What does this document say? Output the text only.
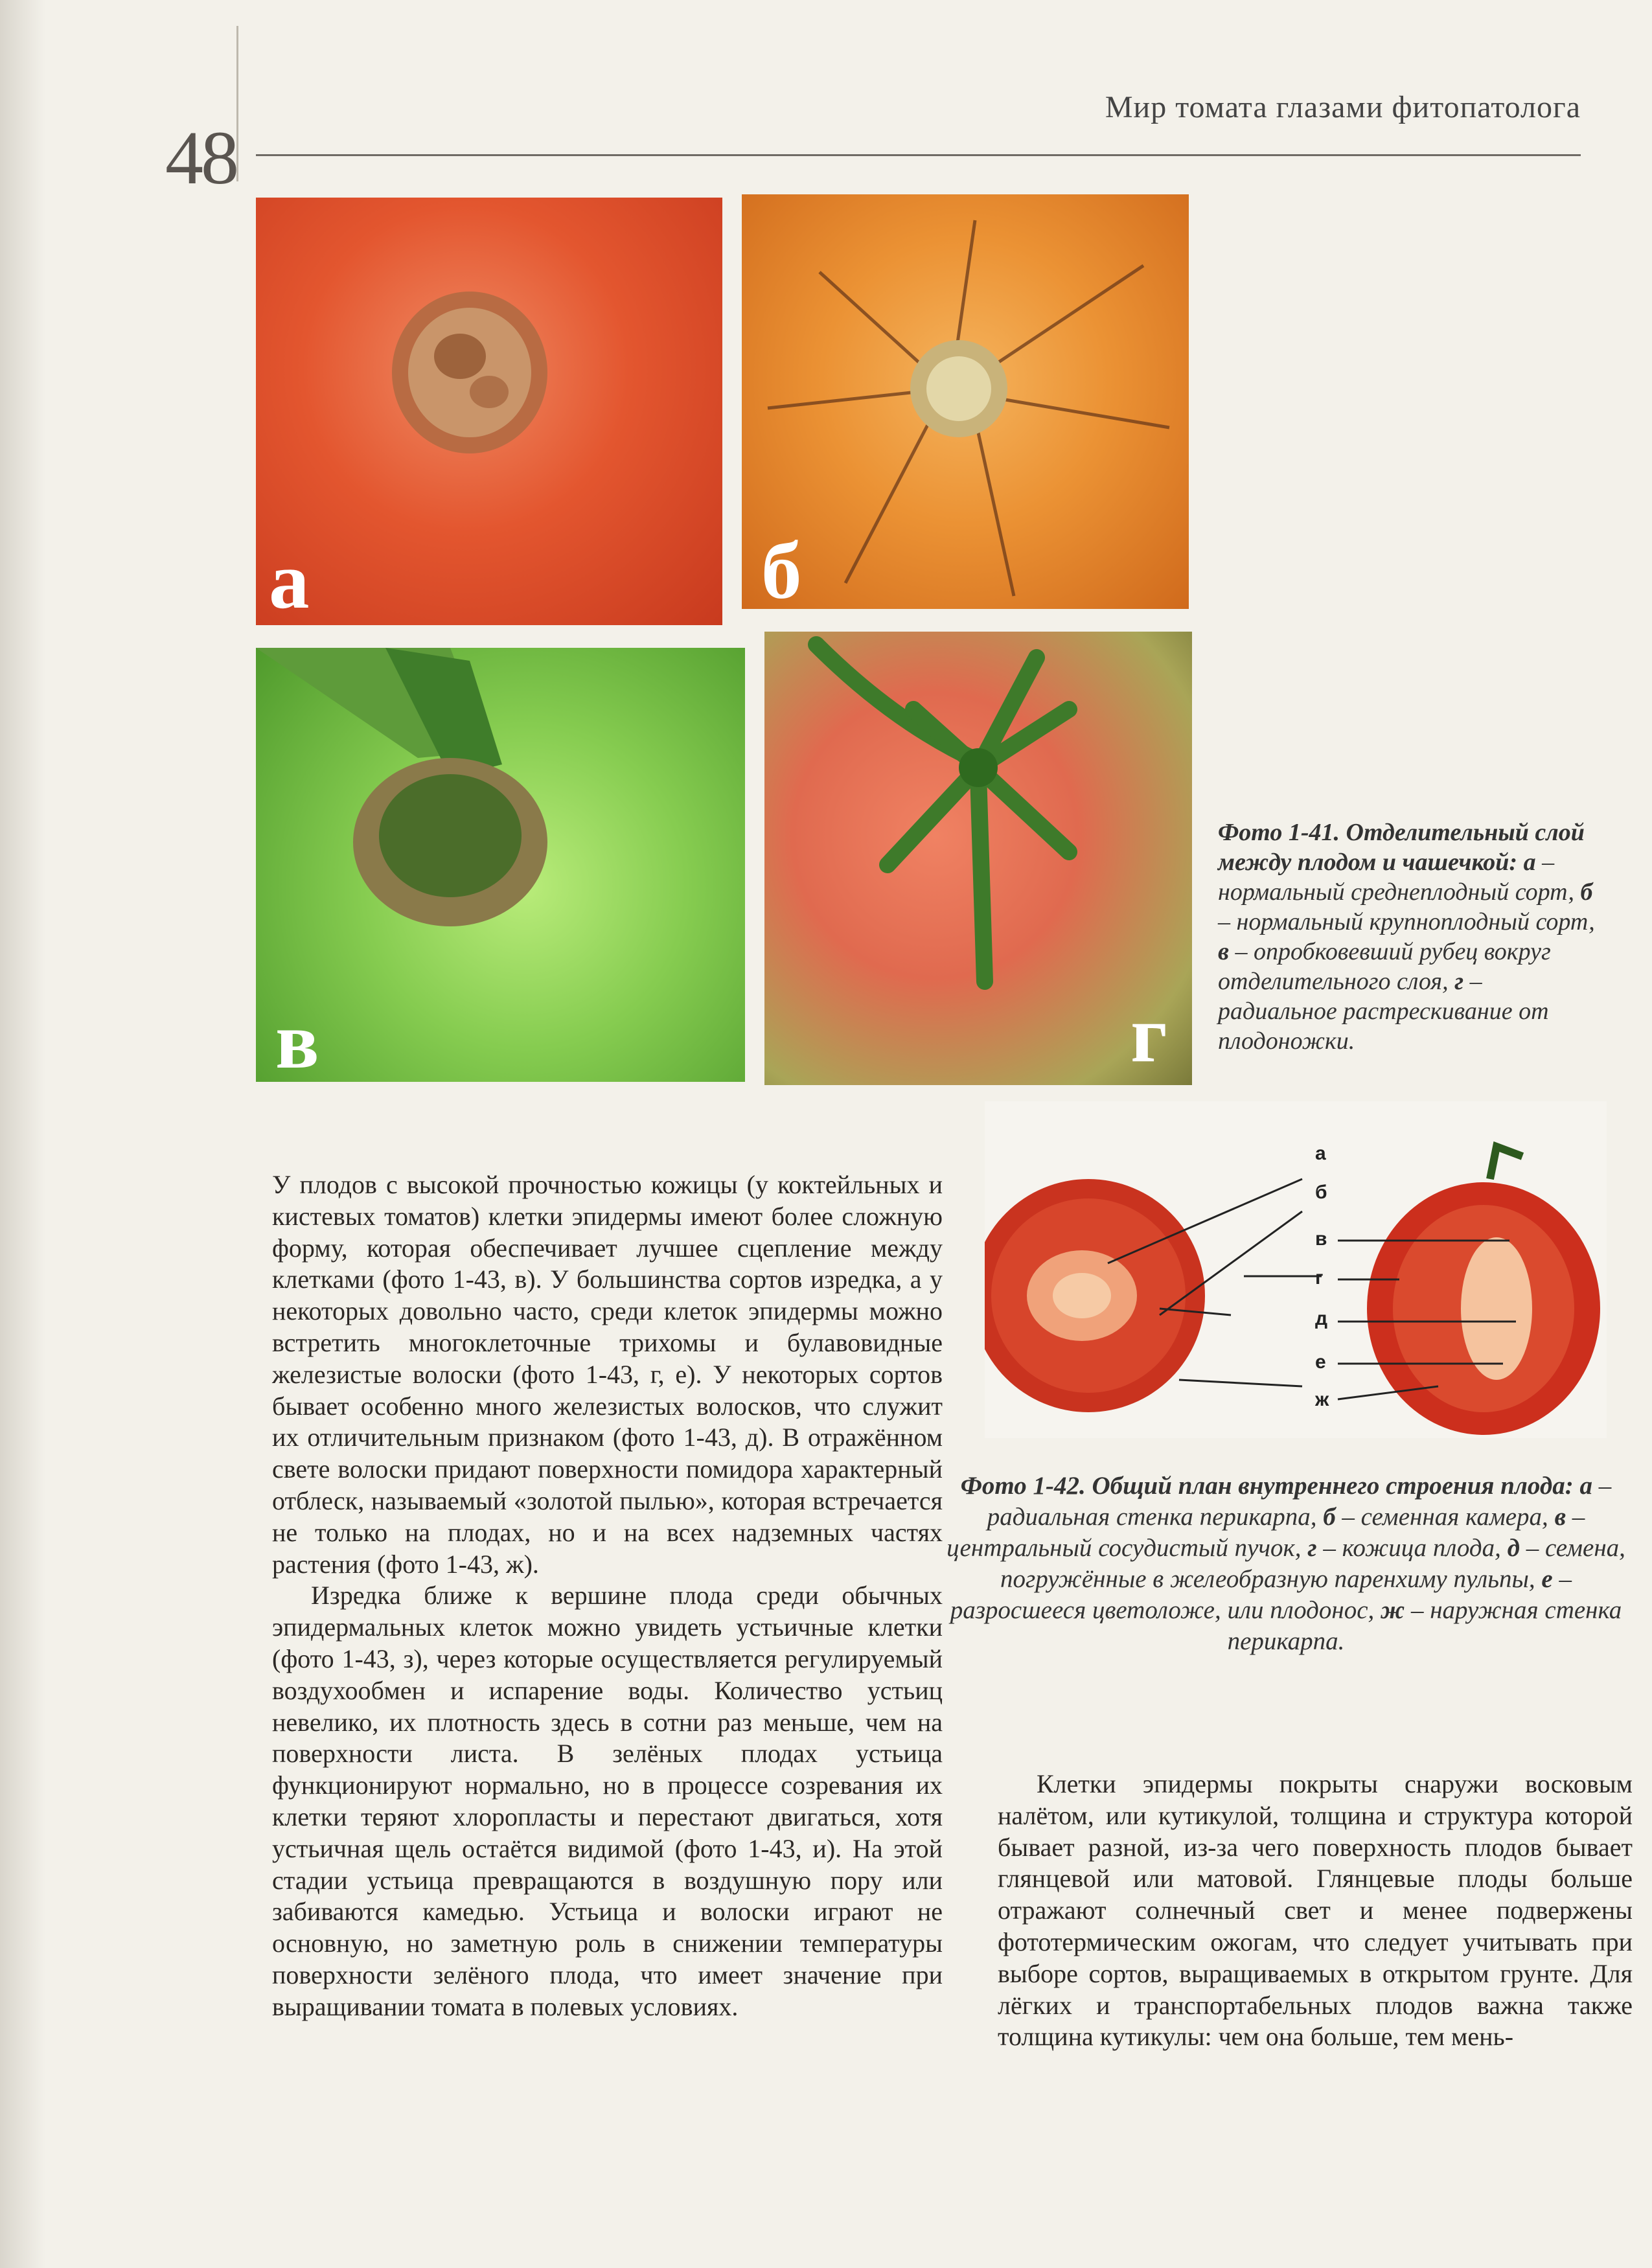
48
Мир томата глазами фитопатолога
а	б
в	г
Фото 1-41. Отделительный слой между плодом и чашечкой: а – нормальный среднеплодный сорт, б – нормальный крупноплодный сорт, в – опробковевший рубец вокруг отделительного слоя, г – радиальное растрескивание от плодоножки.
а
б
в
г
д
е
ж
Фото 1-42. Общий план внутреннего строения плода: а – радиальная стенка перикарпа, б – семенная камера, в – центральный сосудистый пучок, г – кожица плода, д – семена, погружённые в желеобразную паренхиму пульпы, е – разросшееся цветоложе, или плодонос, ж – наружная стенка перикарпа.

У плодов с высокой прочностью кожицы (у коктейльных и кистевых томатов) клетки эпидермы имеют более сложную форму, которая обеспечивает лучшее сцепление между клетками (фото 1-43, в). У большинства сортов изредка, а у некоторых довольно часто, среди клеток эпидермы можно встретить многоклеточные трихомы и булавовидные железистые волоски (фото 1-43, г, е). У некоторых сортов бывает особенно много железистых волосков, что служит их отличительным признаком (фото 1-43, д). В отражённом свете волоски придают поверхности помидора характерный отблеск, называемый «золотой пылью», которая встречается не только на плодах, но и на всех надземных частях растения (фото 1-43, ж).

Изредка ближе к вершине плода среди обычных эпидермальных клеток можно увидеть устьичные клетки (фото 1-43, з), через которые осуществляется регулируемый воздухообмен и испарение воды. Количество устьиц невелико, их плотность здесь в сотни раз меньше, чем на поверхности листа. В зелёных плодах устьица функционируют нормально, но в процессе созревания их клетки теряют хлоропласты и перестают двигаться, хотя устьичная щель остаётся видимой (фото 1-43, и). На этой стадии устьица превращаются в воздушную пору или забиваются камедью. Устьица и волоски играют не основную, но заметную роль в снижении температуры поверхности зелёного плода, что имеет значение при выращивании томата в полевых условиях.

Клетки эпидермы покрыты снаружи восковым налётом, или кутикулой, толщина и структура которой бывает разной, из-за чего поверхность плодов бывает глянцевой или матовой. Глянцевые плоды больше отражают солнечный свет и менее подвержены фототермическим ожогам, что следует учитывать при выборе сортов, выращиваемых в открытом грунте. Для лёгких и транспортабельных плодов важна также толщина кутикулы: чем она больше, тем мень-
